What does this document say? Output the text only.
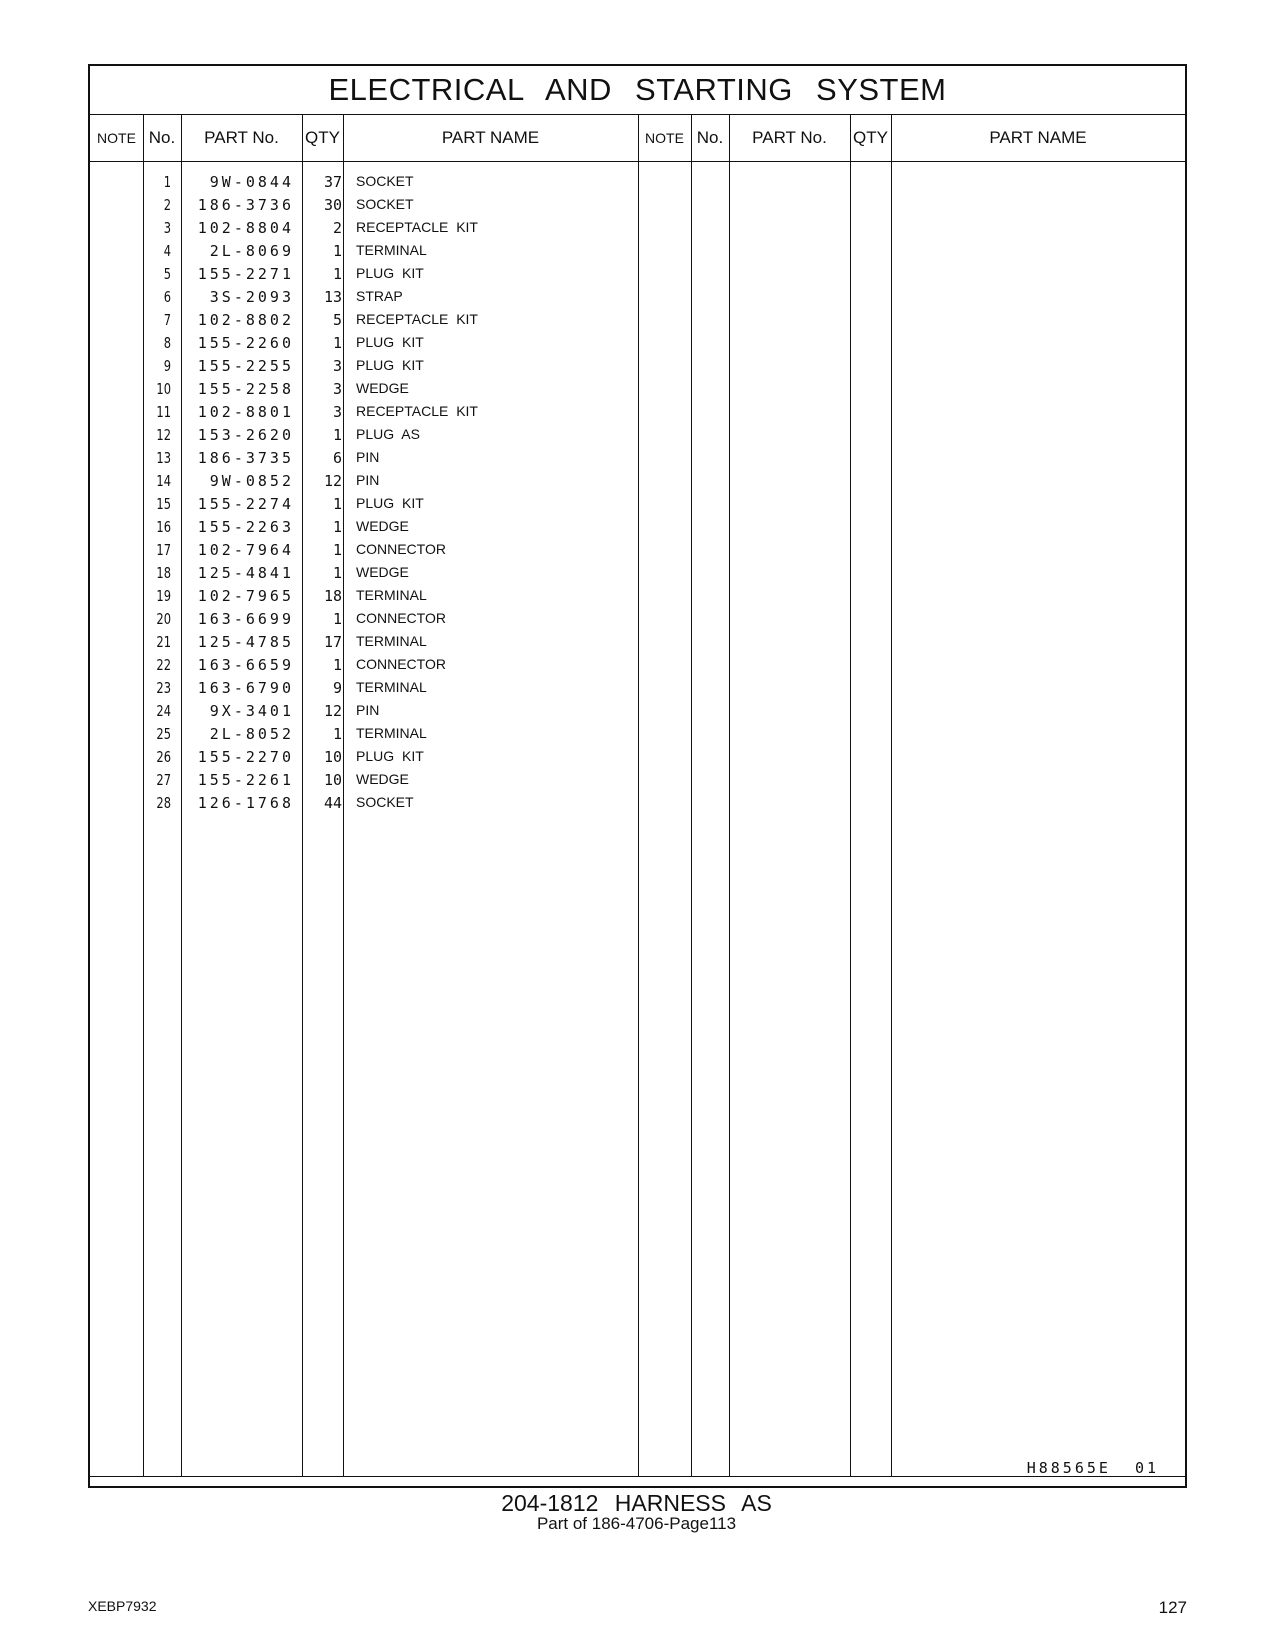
ELECTRICAL AND STARTING SYSTEM
NOTE No.	PART No.	QTY	PART NAME	NOTE No.	PART No.	QTY	PART NAME
1	9W-0844	37 SOCKET
2	186-3736	30 SOCKET
3	102-8804	2 RECEPTACLE KIT
4	2L-8069	1 TERMINAL
5	155-2271	1 PLUG KIT
6	3S-2093	13 STRAP
7	102-8802	5 RECEPTACLE KIT
8	155-2260	1 PLUG KIT
9	155-2255	3 PLUG KIT
10	155-2258	3 WEDGE
11	102-8801	3 RECEPTACLE KIT
12	153-2620	1 PLUG AS
13	186-3735	6 PIN
14	9W-0852	12 PIN
15	155-2274	1 PLUG KIT
16	155-2263	1 WEDGE
17	102-7964	1 CONNECTOR
18	125-4841	1 WEDGE
19	102-7965	18 TERMINAL
20	163-6699	1 CONNECTOR
21	125-4785	17 TERMINAL
22	163-6659	1 CONNECTOR
23	163-6790	9 TERMINAL
24	9X-3401	12 PIN
25	2L-8052	1 TERMINAL
26	155-2270	10 PLUG KIT
27	155-2261	10 WEDGE
28	126-1768	44 SOCKET
H88565E 01
204-1812 HARNESS AS
Part of 186-4706-Page113
XEBP7932	127
